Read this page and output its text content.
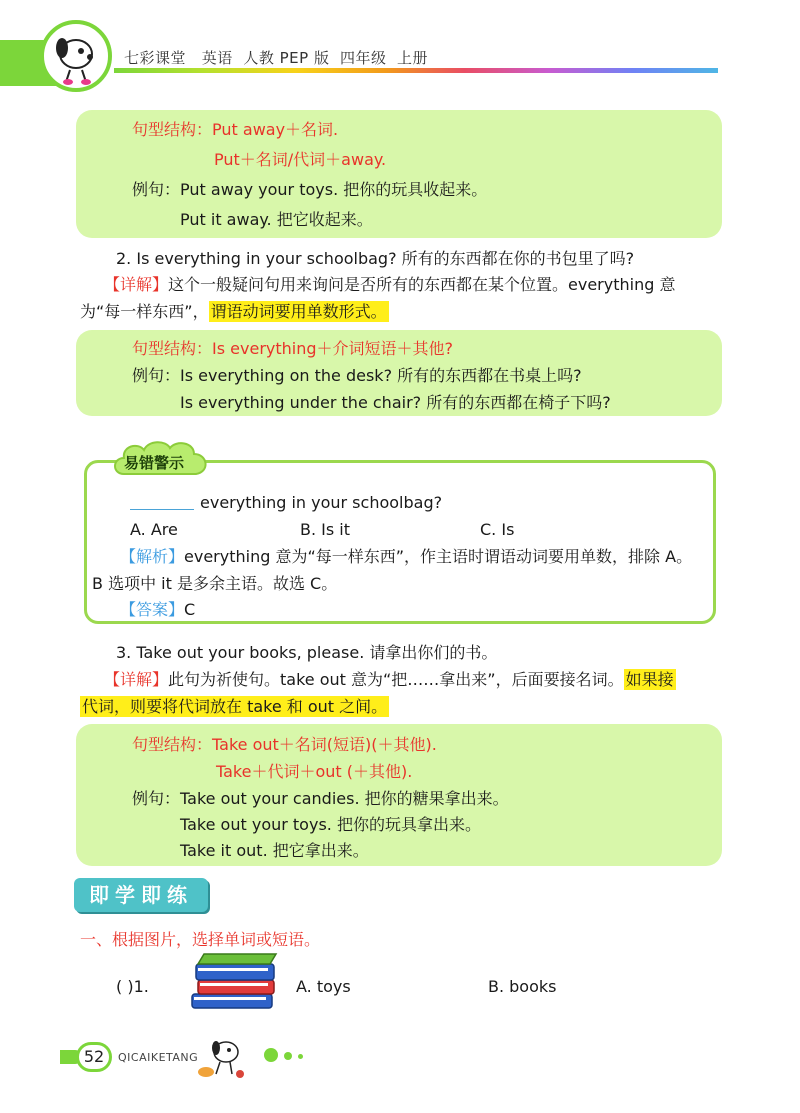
七彩课堂   英语  人教 PEP 版  四年级  上册
句型结构：Put away＋名词.
Put＋名词/代词＋away.
例句：Put away your toys. 把你的玩具收起来。
Put it away. 把它收起来。
2. Is everything in your schoolbag? 所有的东西都在你的书包里了吗?
【详解】这个一般疑问句用来询问是否所有的东西都在某个位置。everything 意
为“每一样东西”， 谓语动词要用单数形式。
句型结构：Is everything＋介词短语＋其他?
例句：Is everything on the desk? 所有的东西都在书桌上吗?
Is everything under the chair? 所有的东西都在椅子下吗?
易错警示
everything in your schoolbag?
A. Are	B. Is it	C. Is
【解析】everything 意为“每一样东西”，作主语时谓语动词要用单数，排除 A。
B 选项中 it 是多余主语。故选 C。
【答案】C
3. Take out your books, please. 请拿出你们的书。
【详解】此句为祈使句。take out 意为“把……拿出来”，后面要接名词。 如果接
代词，则要将代词放在 take 和 out 之间。
句型结构：Take out＋名词(短语)(＋其他).
Take＋代词＋out (＋其他).
例句：Take out your candies. 把你的糖果拿出来。
Take out your toys. 把你的玩具拿出来。
Take it out. 把它拿出来。
即学即练
一、根据图片，选择单词或短语。
( )1.	A. toys	B. books
52	QICAIKETANG
